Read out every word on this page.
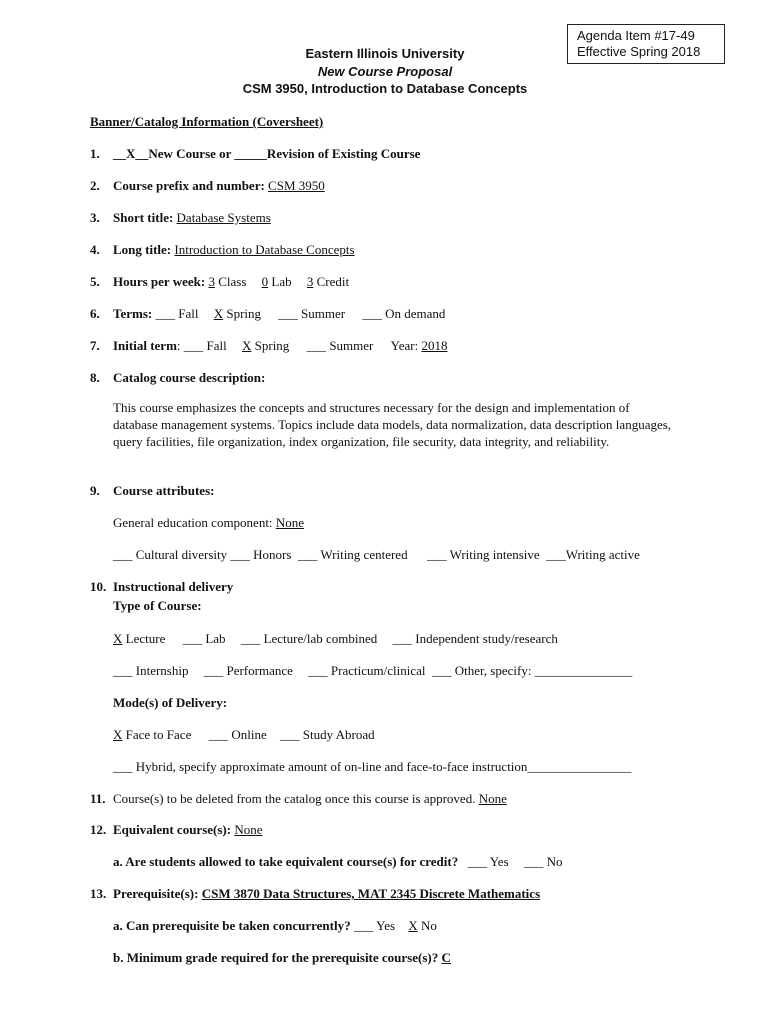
Agenda Item #17-49
Effective Spring 2018
Eastern Illinois University
New Course Proposal
CSM 3950, Introduction to Database Concepts
Banner/Catalog Information (Coversheet)
1. __X__New Course or _____Revision of Existing Course
2. Course prefix and number: CSM 3950
3. Short title: Database Systems
4. Long title: Introduction to Database Concepts
5. Hours per week: 3 Class 0 Lab 3 Credit
6. Terms: ___ Fall X Spring ___ Summer ___ On demand
7. Initial term: ___ Fall X Spring ___ Summer Year: 2018
8. Catalog course description:
This course emphasizes the concepts and structures necessary for the design and implementation of database management systems. Topics include data models, data normalization, data description languages, query facilities, file organization, index organization, file security, data integrity, and reliability.
9. Course attributes:
General education component: None
___ Cultural diversity ___ Honors  ___ Writing centered      ___ Writing intensive  ___Writing active
10. Instructional delivery
Type of Course:
X Lecture ___ Lab ___ Lecture/lab combined ___ Independent study/research
___ Internship ___ Performance ___ Practicum/clinical  ___ Other, specify: _______________
Mode(s) of Delivery:
X Face to Face ___ Online ___ Study Abroad
___ Hybrid, specify approximate amount of on-line and face-to-face instruction________________
11. Course(s) to be deleted from the catalog once this course is approved. None
12. Equivalent course(s): None
a. Are students allowed to take equivalent course(s) for credit? ___ Yes ___ No
13. Prerequisite(s): CSM 3870 Data Structures, MAT 2345 Discrete Mathematics
a. Can prerequisite be taken concurrently? ___ Yes X No
b. Minimum grade required for the prerequisite course(s)? C
